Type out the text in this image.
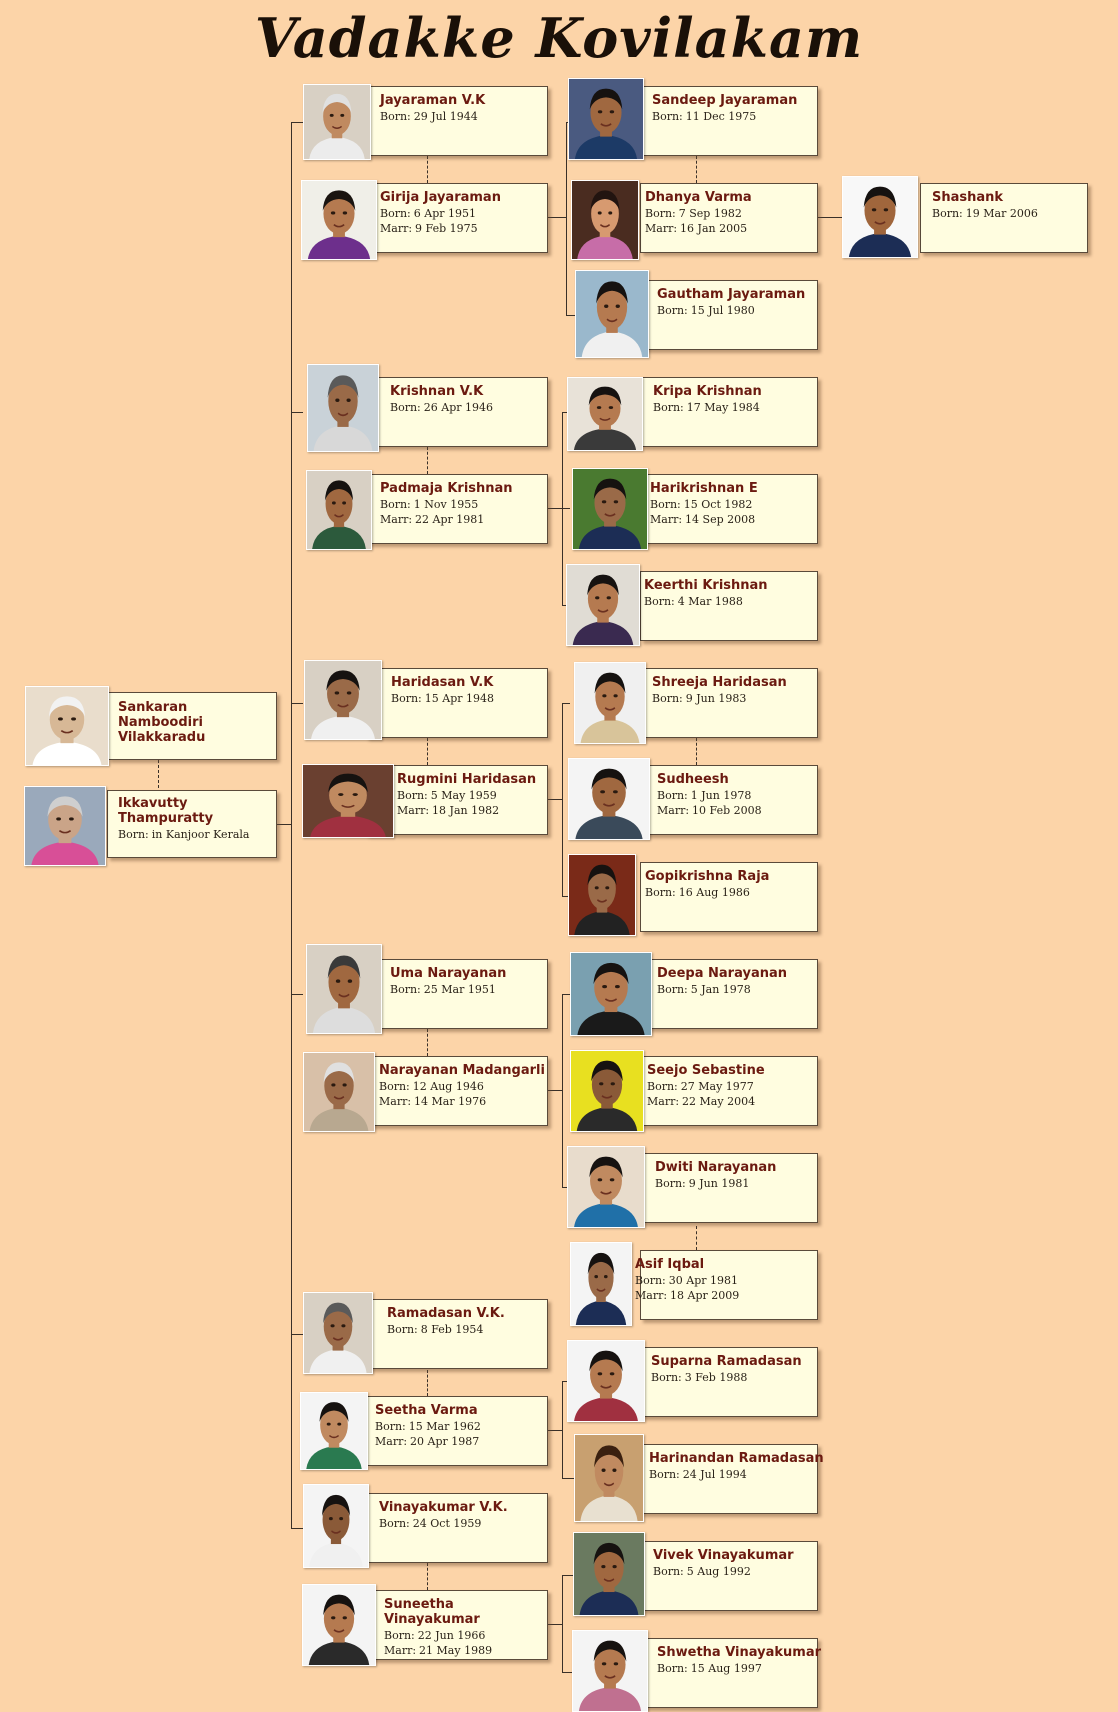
Vadakke Kovilakam
Sankaran Namboodiri Vilakkaradu
Ikkavutty Thampuratty
Born: in Kanjoor Kerala
Jayaraman V.K
Born: 29 Jul 1944
Girija Jayaraman
Born: 6 Apr 1951
Marr: 9 Feb 1975
Sandeep Jayaraman
Born: 11 Dec 1975
Dhanya Varma
Born: 7 Sep 1982
Marr: 16 Jan 2005
Shashank
Born: 19 Mar 2006
Gautham Jayaraman
Born: 15 Jul 1980
Krishnan V.K
Born: 26 Apr 1946
Padmaja Krishnan
Born: 1 Nov 1955
Marr: 22 Apr 1981
Kripa Krishnan
Born: 17 May 1984
Harikrishnan E
Born: 15 Oct 1982
Marr: 14 Sep 2008
Keerthi Krishnan
Born: 4 Mar 1988
Haridasan V.K
Born: 15 Apr 1948
Rugmini Haridasan
Born: 5 May 1959
Marr: 18 Jan 1982
Shreeja Haridasan
Born: 9 Jun 1983
Sudheesh
Born: 1 Jun 1978
Marr: 10 Feb 2008
Gopikrishna Raja
Born: 16 Aug 1986
Uma Narayanan
Born: 25 Mar 1951
Narayanan Madangarli
Born: 12 Aug 1946
Marr: 14 Mar 1976
Deepa Narayanan
Born: 5 Jan 1978
Seejo Sebastine
Born: 27 May 1977
Marr: 22 May 2004
Dwiti Narayanan
Born: 9 Jun 1981
Asif Iqbal
Born: 30 Apr 1981
Marr: 18 Apr 2009
Ramadasan V.K.
Born: 8 Feb 1954
Seetha Varma
Born: 15 Mar 1962
Marr: 20 Apr 1987
Suparna Ramadasan
Born: 3 Feb 1988
Harinandan Ramadasan
Born: 24 Jul 1994
Vinayakumar V.K.
Born: 24 Oct 1959
Suneetha Vinayakumar
Born: 22 Jun 1966
Marr: 21 May 1989
Vivek Vinayakumar
Born: 5 Aug 1992
Shwetha Vinayakumar
Born: 15 Aug 1997
